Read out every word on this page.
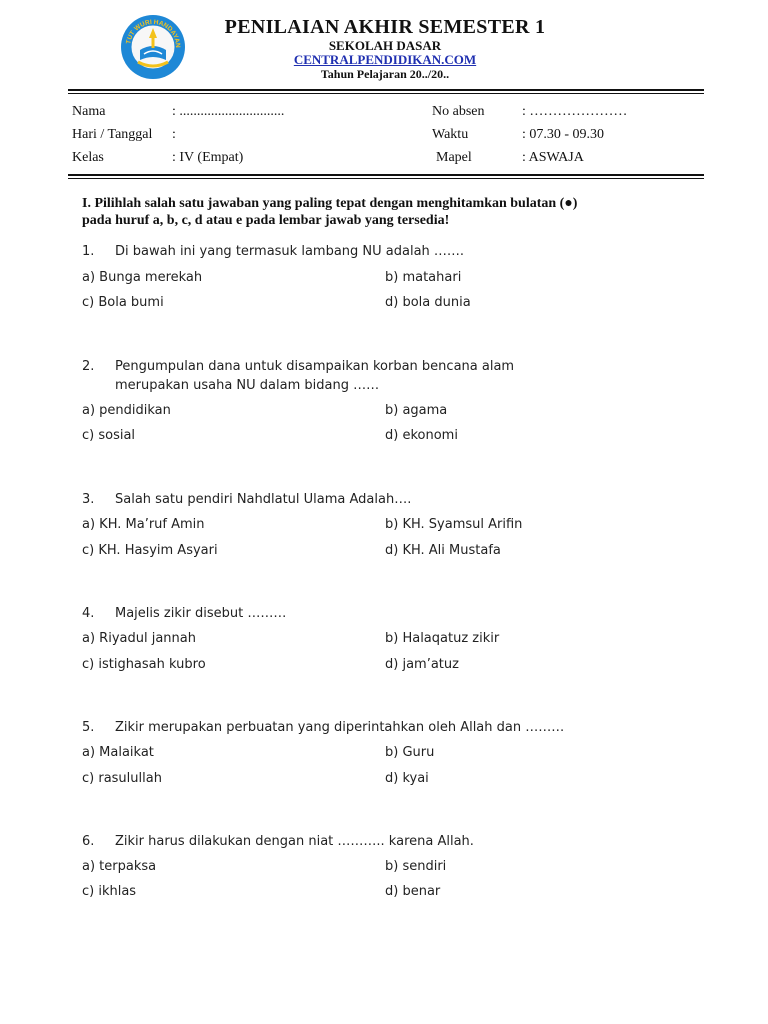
TUT WURI HANDAYAN
PENILAIAN AKHIR SEMESTER 1
SEKOLAH DASAR
CENTRALPENDIDIKAN.COM
Tahun Pelajaran 20../20..
Nama	: ..............................
Hari / Tanggal :
Kelas	: IV (Empat)
No absen	: …………………
Waktu	: 07.30 - 09.30
Mapel	: ASWAJA
I. Pilihlah salah satu jawaban yang paling tepat dengan menghitamkan bulatan (●)
pada huruf a, b, c, d atau e pada lembar jawab yang tersedia!
1. Di bawah ini yang termasuk lambang NU adalah …….
a) Bunga merekah	b) matahari
c) Bola bumi	d) bola dunia
2. Pengumpulan dana untuk disampaikan korban bencana alam
merupakan usaha NU dalam bidang ……
a) pendidikan	b) agama
c) sosial	d) ekonomi
3. Salah satu pendiri Nahdlatul Ulama Adalah….
a) KH. Ma’ruf Amin	b) KH. Syamsul Arifin
c) KH. Hasyim Asyari	d) KH. Ali Mustafa
4. Majelis zikir disebut ………
a) Riyadul jannah	b) Halaqatuz zikir
c) istighasah kubro	d) jam’atuz
5. Zikir merupakan perbuatan yang diperintahkan oleh Allah dan ………
a) Malaikat	b) Guru
c) rasulullah	d) kyai
6. Zikir harus dilakukan dengan niat ……….. karena Allah.
a) terpaksa	b) sendiri
c) ikhlas	d) benar
